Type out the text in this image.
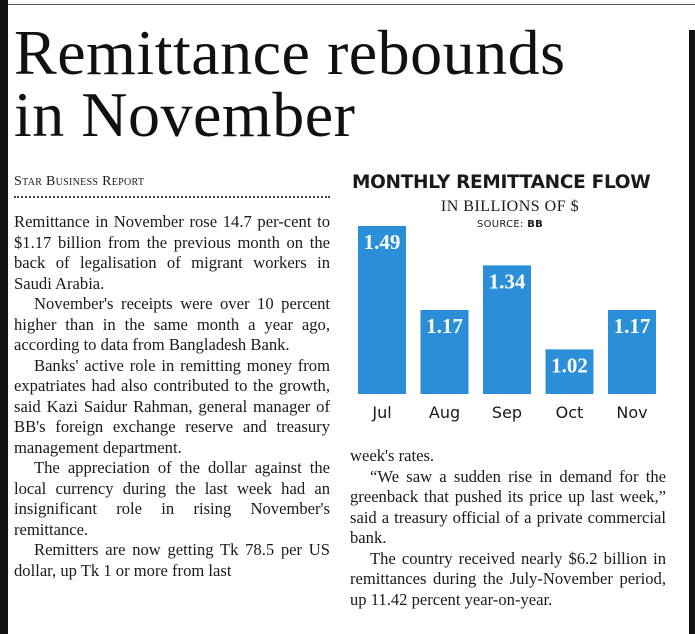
Remittance rebounds
in November
Star Business Report

Remittance in November rose 14.7 per-cent to $1.17 billion from the previous month on the back of legalisation of migrant workers in Saudi Arabia.

November's receipts were over 10 percent higher than in the same month a year ago, according to data from Bangladesh Bank.

Banks' active role in remitting money from expatriates had also contributed to the growth, said Kazi Saidur Rahman, general manager of BB's foreign exchange reserve and treasury management department.

The appreciation of the dollar against the local currency during the last week had an insignificant role in rising November's remittance.

Remitters are now getting Tk 78.5 per US dollar, up Tk 1 or more from last

MONTHLY REMITTANCE FLOW
IN BILLIONS OF $
SOURCE: BB
1.49
Jul
1.17
Aug
1.34
Sep
1.02
Oct
1.17
Nov

week's rates.

“We saw a sudden rise in demand for the greenback that pushed its price up last week,” said a treasury official of a private commercial bank.

The country received nearly $6.2 billion in remittances during the July-November period, up 11.42 percent year-on-year.
